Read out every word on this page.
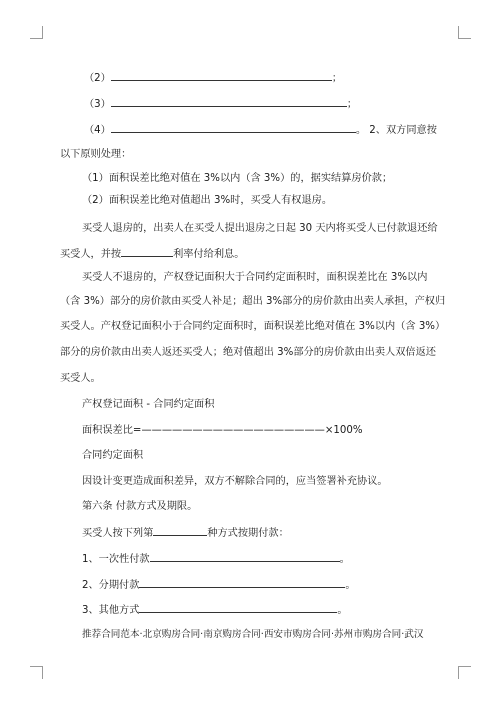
（2）	；
（3）	；
（4）	。 2、双方同意按
以下原则处理：
（1）面积误差比绝对值在 3%以内（含 3%）的，据实结算房价款；
（2）面积误差比绝对值超出 3%时，买受人有权退房。
买受人退房的，出卖人在买受人提出退房之日起 30 天内将买受人已付款退还给
买受人，并按	利率付给利息。
买受人不退房的，产权登记面积大于合同约定面积时，面积误差比在 3%以内
（含 3%）部分的房价款由买受人补足；超出 3%部分的房价款由出卖人承担，产权归
买受人。产权登记面积小于合同约定面积时，面积误差比绝对值在 3%以内（含 3%）
部分的房价款由出卖人返还买受人；绝对值超出 3%部分的房价款由出卖人双倍返还
买受人。
产权登记面积 - 合同约定面积
面积误差比=——————————————————×100%
合同约定面积
因设计变更造成面积差异，双方不解除合同的，应当签署补充协议。
第六条 付款方式及期限。
买受人按下列第	种方式按期付款：
1、一次性付款	。
2、分期付款	。
3、其他方式	。
推荐合同范本·北京购房合同·南京购房合同·西安市购房合同·苏州市购房合同·武汉
